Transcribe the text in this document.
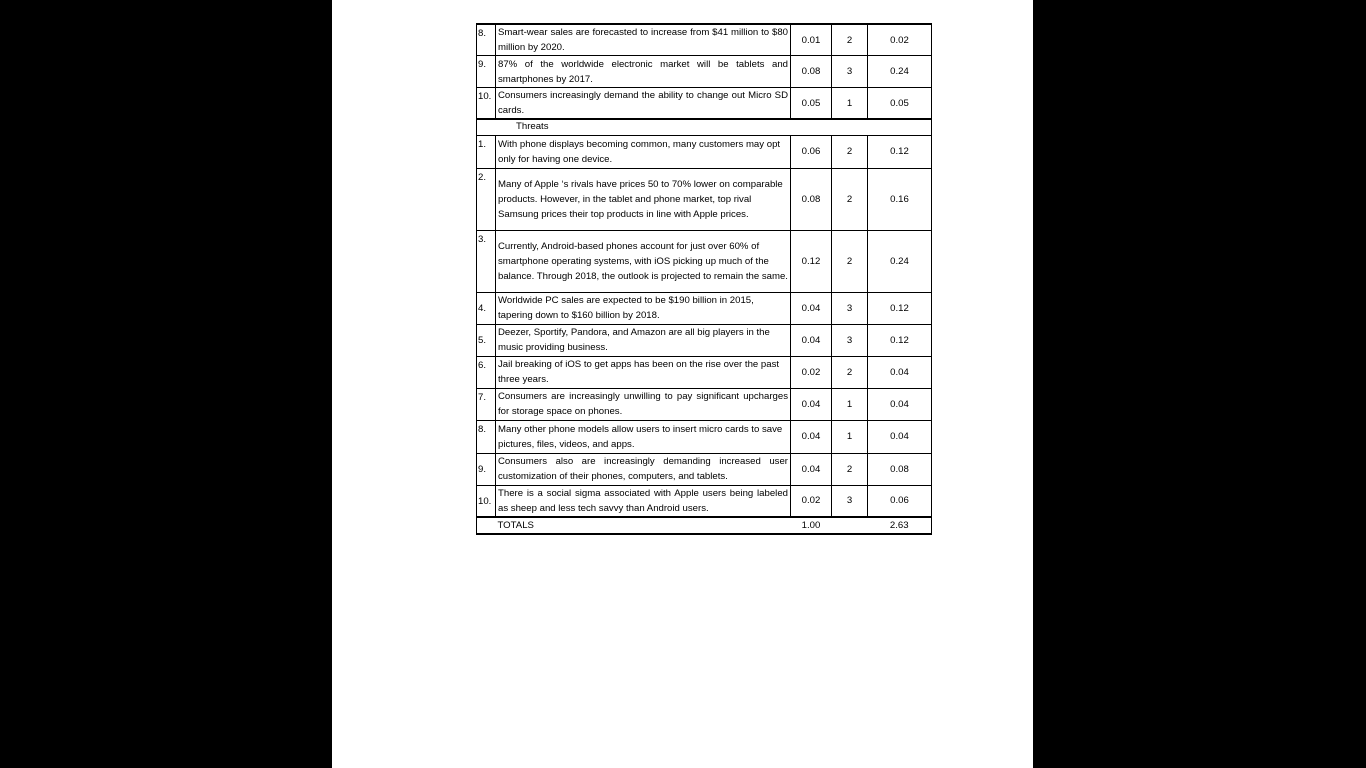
8.	Smart-wear sales are forecasted to increase from $41 million to $80 million by 2020.	0.01	2	0.02
9.	87% of the worldwide electronic market will be tablets and smartphones by 2017.	0.08	3	0.24
10.	Consumers increasingly demand the ability to change out Micro SD cards.	0.05	1	0.05
Threats				
1.	With phone displays becoming common, many customers may opt only for having one device.	0.06	2	0.12
2.	Many of Apple ‘s rivals have prices 50 to 70% lower on comparable products. However, in the tablet and phone market, top rival Samsung prices their top products in line with Apple prices.	0.08	2	0.16
3.	Currently, Android-based phones account for just over 60% of smartphone operating systems, with iOS picking up much of the balance. Through 2018, the outlook is projected to remain the same.	0.12	2	0.24
4.	Worldwide PC sales are expected to be $190 billion in 2015, tapering down to $160 billion by 2018.	0.04	3	0.12
5.	Deezer, Sportify, Pandora, and Amazon are all big players in the music providing business.	0.04	3	0.12
6.	Jail breaking of iOS to get apps has been on the rise over the past three years.	0.02	2	0.04
7.	Consumers are increasingly unwilling to pay significant upcharges for storage space on phones.	0.04	1	0.04
8.	Many other phone models allow users to insert micro cards to save pictures, files, videos, and apps.	0.04	1	0.04
9.	Consumers also are increasingly demanding increased user customization of their phones, computers, and tablets.	0.04	2	0.08
10.	There is a social sigma associated with Apple users being labeled as sheep and less tech savvy than Android users.	0.02	3	0.06
	TOTALS	1.00		2.63
